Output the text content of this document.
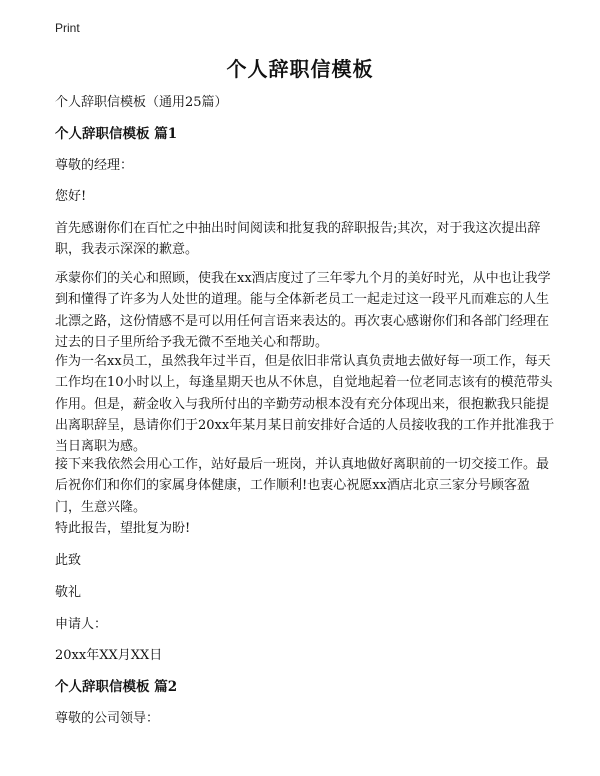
Print
个人辞职信模板
个人辞职信模板（通用25篇）
个人辞职信模板 篇1
尊敬的经理：
您好!
首先感谢你们在百忙之中抽出时间阅读和批复我的辞职报告;其次，对于我这次提出辞职，我表示深深的歉意。
承蒙你们的关心和照顾，使我在xx酒店度过了三年零九个月的美好时光，从中也让我学到和懂得了许多为人处世的道理。能与全体新老员工一起走过这一段平凡而难忘的人生北漂之路，这份情感不是可以用任何言语来表达的。再次衷心感谢你们和各部门经理在过去的日子里所给予我无微不至地关心和帮助。
作为一名xx员工，虽然我年过半百，但是依旧非常认真负责地去做好每一项工作，每天工作均在10小时以上，每逢星期天也从不休息，自觉地起着一位老同志该有的模范带头作用。但是，薪金收入与我所付出的辛勤劳动根本没有充分体现出来，很抱歉我只能提出离职辞呈，恳请你们于20xx年某月某日前安排好合适的人员接收我的工作并批准我于当日离职为感。
接下来我依然会用心工作，站好最后一班岗，并认真地做好离职前的一切交接工作。最后祝你们和你们的家属身体健康，工作顺利!也衷心祝愿xx酒店北京三家分号顾客盈门，生意兴隆。
特此报告，望批复为盼!
此致
敬礼
申请人：
20xx年XX月XX日
个人辞职信模板 篇2
尊敬的公司领导：
